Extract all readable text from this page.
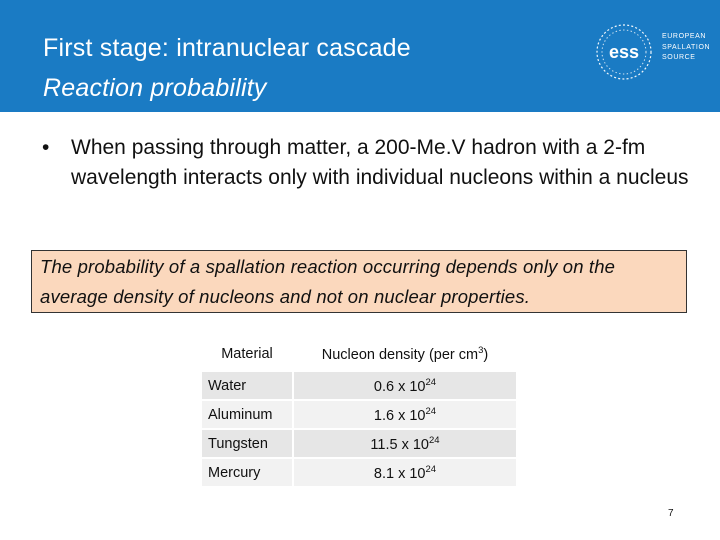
First stage: intranuclear cascade
Reaction probability
ess
EUROPEAN
SPALLATION
SOURCE
• When passing through matter, a 200-Me.V hadron with a 2-fm wavelength interacts only with individual nucleons within a nucleus
The probability of a spallation reaction occurring depends only on the average density of nucleons and not on nuclear properties.
Material	Nucleon density (per $cm^3$)
Water	0.6 x $10^{24}$
Aluminum	1.6 x $10^{24}$
Tungsten	11.5 x $10^{24}$
Mercury	8.1 x $10^{24}$
7
